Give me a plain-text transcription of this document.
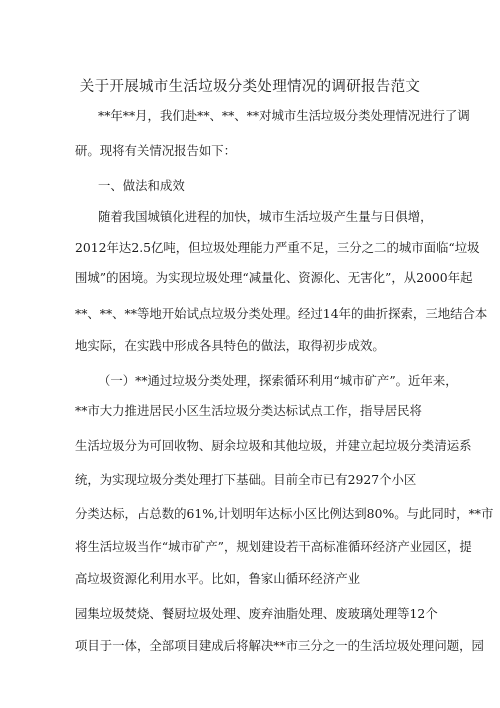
关于开展城市生活垃圾分类处理情况的调研报告范文
**年**月，我们赴**、**、**对城市生活垃圾分类处理情况进行了调
研。现将有关情况报告如下：
一、做法和成效
随着我国城镇化进程的加快，城市生活垃圾产生量与日俱增，
2012年达2.5亿吨，但垃圾处理能力严重不足，三分之二的城市面临“垃圾
围城”的困境。为实现垃圾处理“减量化、资源化、无害化”，从2000年起
**、**、**等地开始试点垃圾分类处理。经过14年的曲折探索，三地结合本
地实际，在实践中形成各具特色的做法，取得初步成效。
（一）**通过垃圾分类处理，探索循环利用“城市矿产”。近年来，
**市大力推进居民小区生活垃圾分类达标试点工作，指导居民将
生活垃圾分为可回收物、厨余垃圾和其他垃圾，并建立起垃圾分类清运系
统，为实现垃圾分类处理打下基础。目前全市已有2927个小区
分类达标，占总数的61%,计划明年达标小区比例达到80%。与此同时，**市
将生活垃圾当作“城市矿产”，规划建设若干高标准循环经济产业园区，提
高垃圾资源化利用水平。比如，鲁家山循环经济产业
园集垃圾焚烧、餐厨垃圾处理、废弃油脂处理、废玻璃处理等12个
项目于一体，全部项目建成后将解决**市三分之一的生活垃圾处理问题，园
